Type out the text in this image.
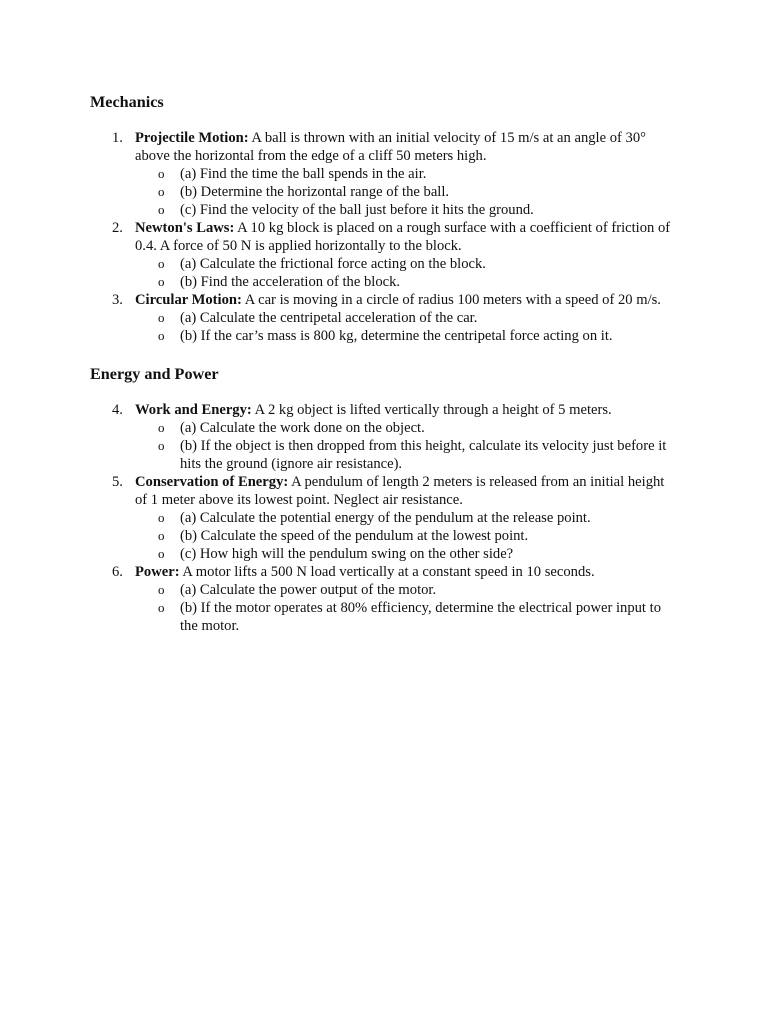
Mechanics
1. Projectile Motion: A ball is thrown with an initial velocity of 15 m/s at an angle of 30° above the horizontal from the edge of a cliff 50 meters high.
o (a) Find the time the ball spends in the air.
o (b) Determine the horizontal range of the ball.
o (c) Find the velocity of the ball just before it hits the ground.
2. Newton's Laws: A 10 kg block is placed on a rough surface with a coefficient of friction of 0.4. A force of 50 N is applied horizontally to the block.
o (a) Calculate the frictional force acting on the block.
o (b) Find the acceleration of the block.
3. Circular Motion: A car is moving in a circle of radius 100 meters with a speed of 20 m/s.
o (a) Calculate the centripetal acceleration of the car.
o (b) If the car’s mass is 800 kg, determine the centripetal force acting on it.
Energy and Power
4. Work and Energy: A 2 kg object is lifted vertically through a height of 5 meters.
o (a) Calculate the work done on the object.
o (b) If the object is then dropped from this height, calculate its velocity just before it hits the ground (ignore air resistance).
5. Conservation of Energy: A pendulum of length 2 meters is released from an initial height of 1 meter above its lowest point. Neglect air resistance.
o (a) Calculate the potential energy of the pendulum at the release point.
o (b) Calculate the speed of the pendulum at the lowest point.
o (c) How high will the pendulum swing on the other side?
6. Power: A motor lifts a 500 N load vertically at a constant speed in 10 seconds.
o (a) Calculate the power output of the motor.
o (b) If the motor operates at 80% efficiency, determine the electrical power input to the motor.
